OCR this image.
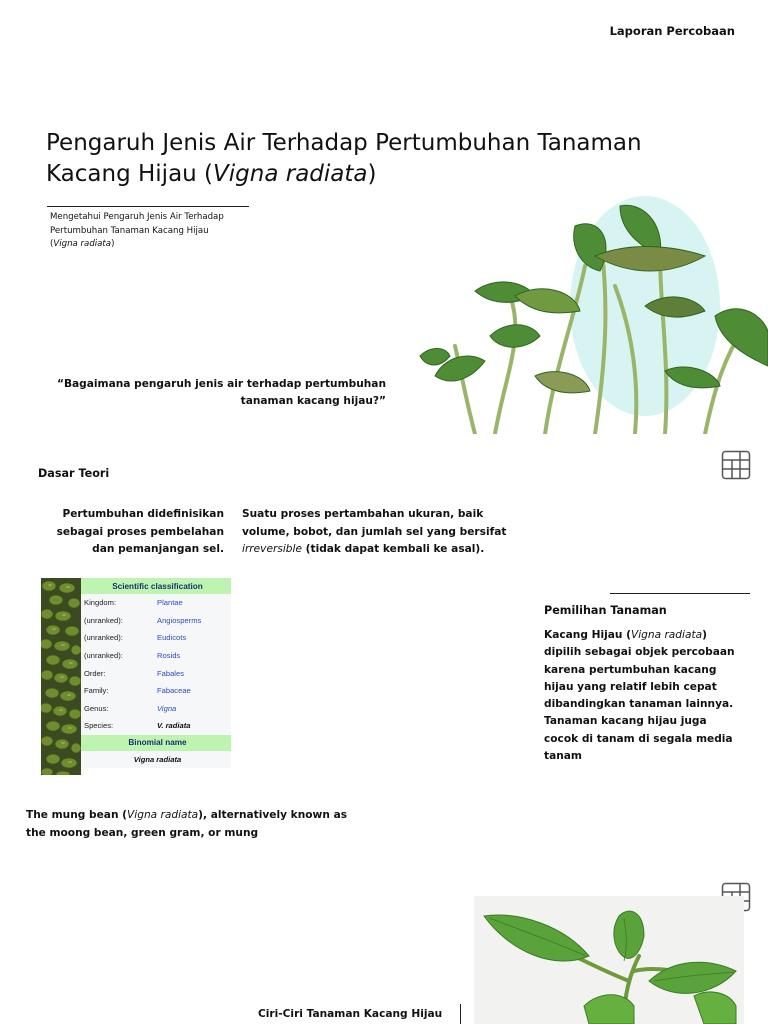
Laporan Percobaan
Pengaruh Jenis Air Terhadap Pertumbuhan Tanaman
Kacang Hijau (Vigna radiata)
Mengetahui Pengaruh Jenis Air Terhadap
Pertumbuhan Tanaman Kacang Hijau
(Vigna radiata)
“Bagaimana pengaruh jenis air terhadap pertumbuhan
tanaman kacang hijau?”
Dasar Teori
Pertumbuhan didefinisikan
sebagai proses pembelahan
dan pemanjangan sel.
Suatu proses pertambahan ukuran, baik
volume, bobot, dan jumlah sel yang bersifat
irreversible (tidak dapat kembali ke asal).
Scientific classification	
Kingdom:	Plantae
(unranked):	Angiosperms
(unranked):	Eudicots
(unranked):	Rosids
Order:	Fabales
Family:	Fabaceae
Genus:	Vigna
Species:	V. radiata
Binomial name	
Vigna radiata	
Pemilihan Tanaman
Kacang Hijau (Vigna radiata)
dipilih sebagai objek percobaan
karena pertumbuhan kacang
hijau yang relatif lebih cepat
dibandingkan tanaman lainnya.
Tanaman kacang hijau juga
cocok di tanam di segala media
tanam
The mung bean (Vigna radiata), alternatively known as
the moong bean, green gram, or mung
Ciri-Ciri Tanaman Kacang Hijau
